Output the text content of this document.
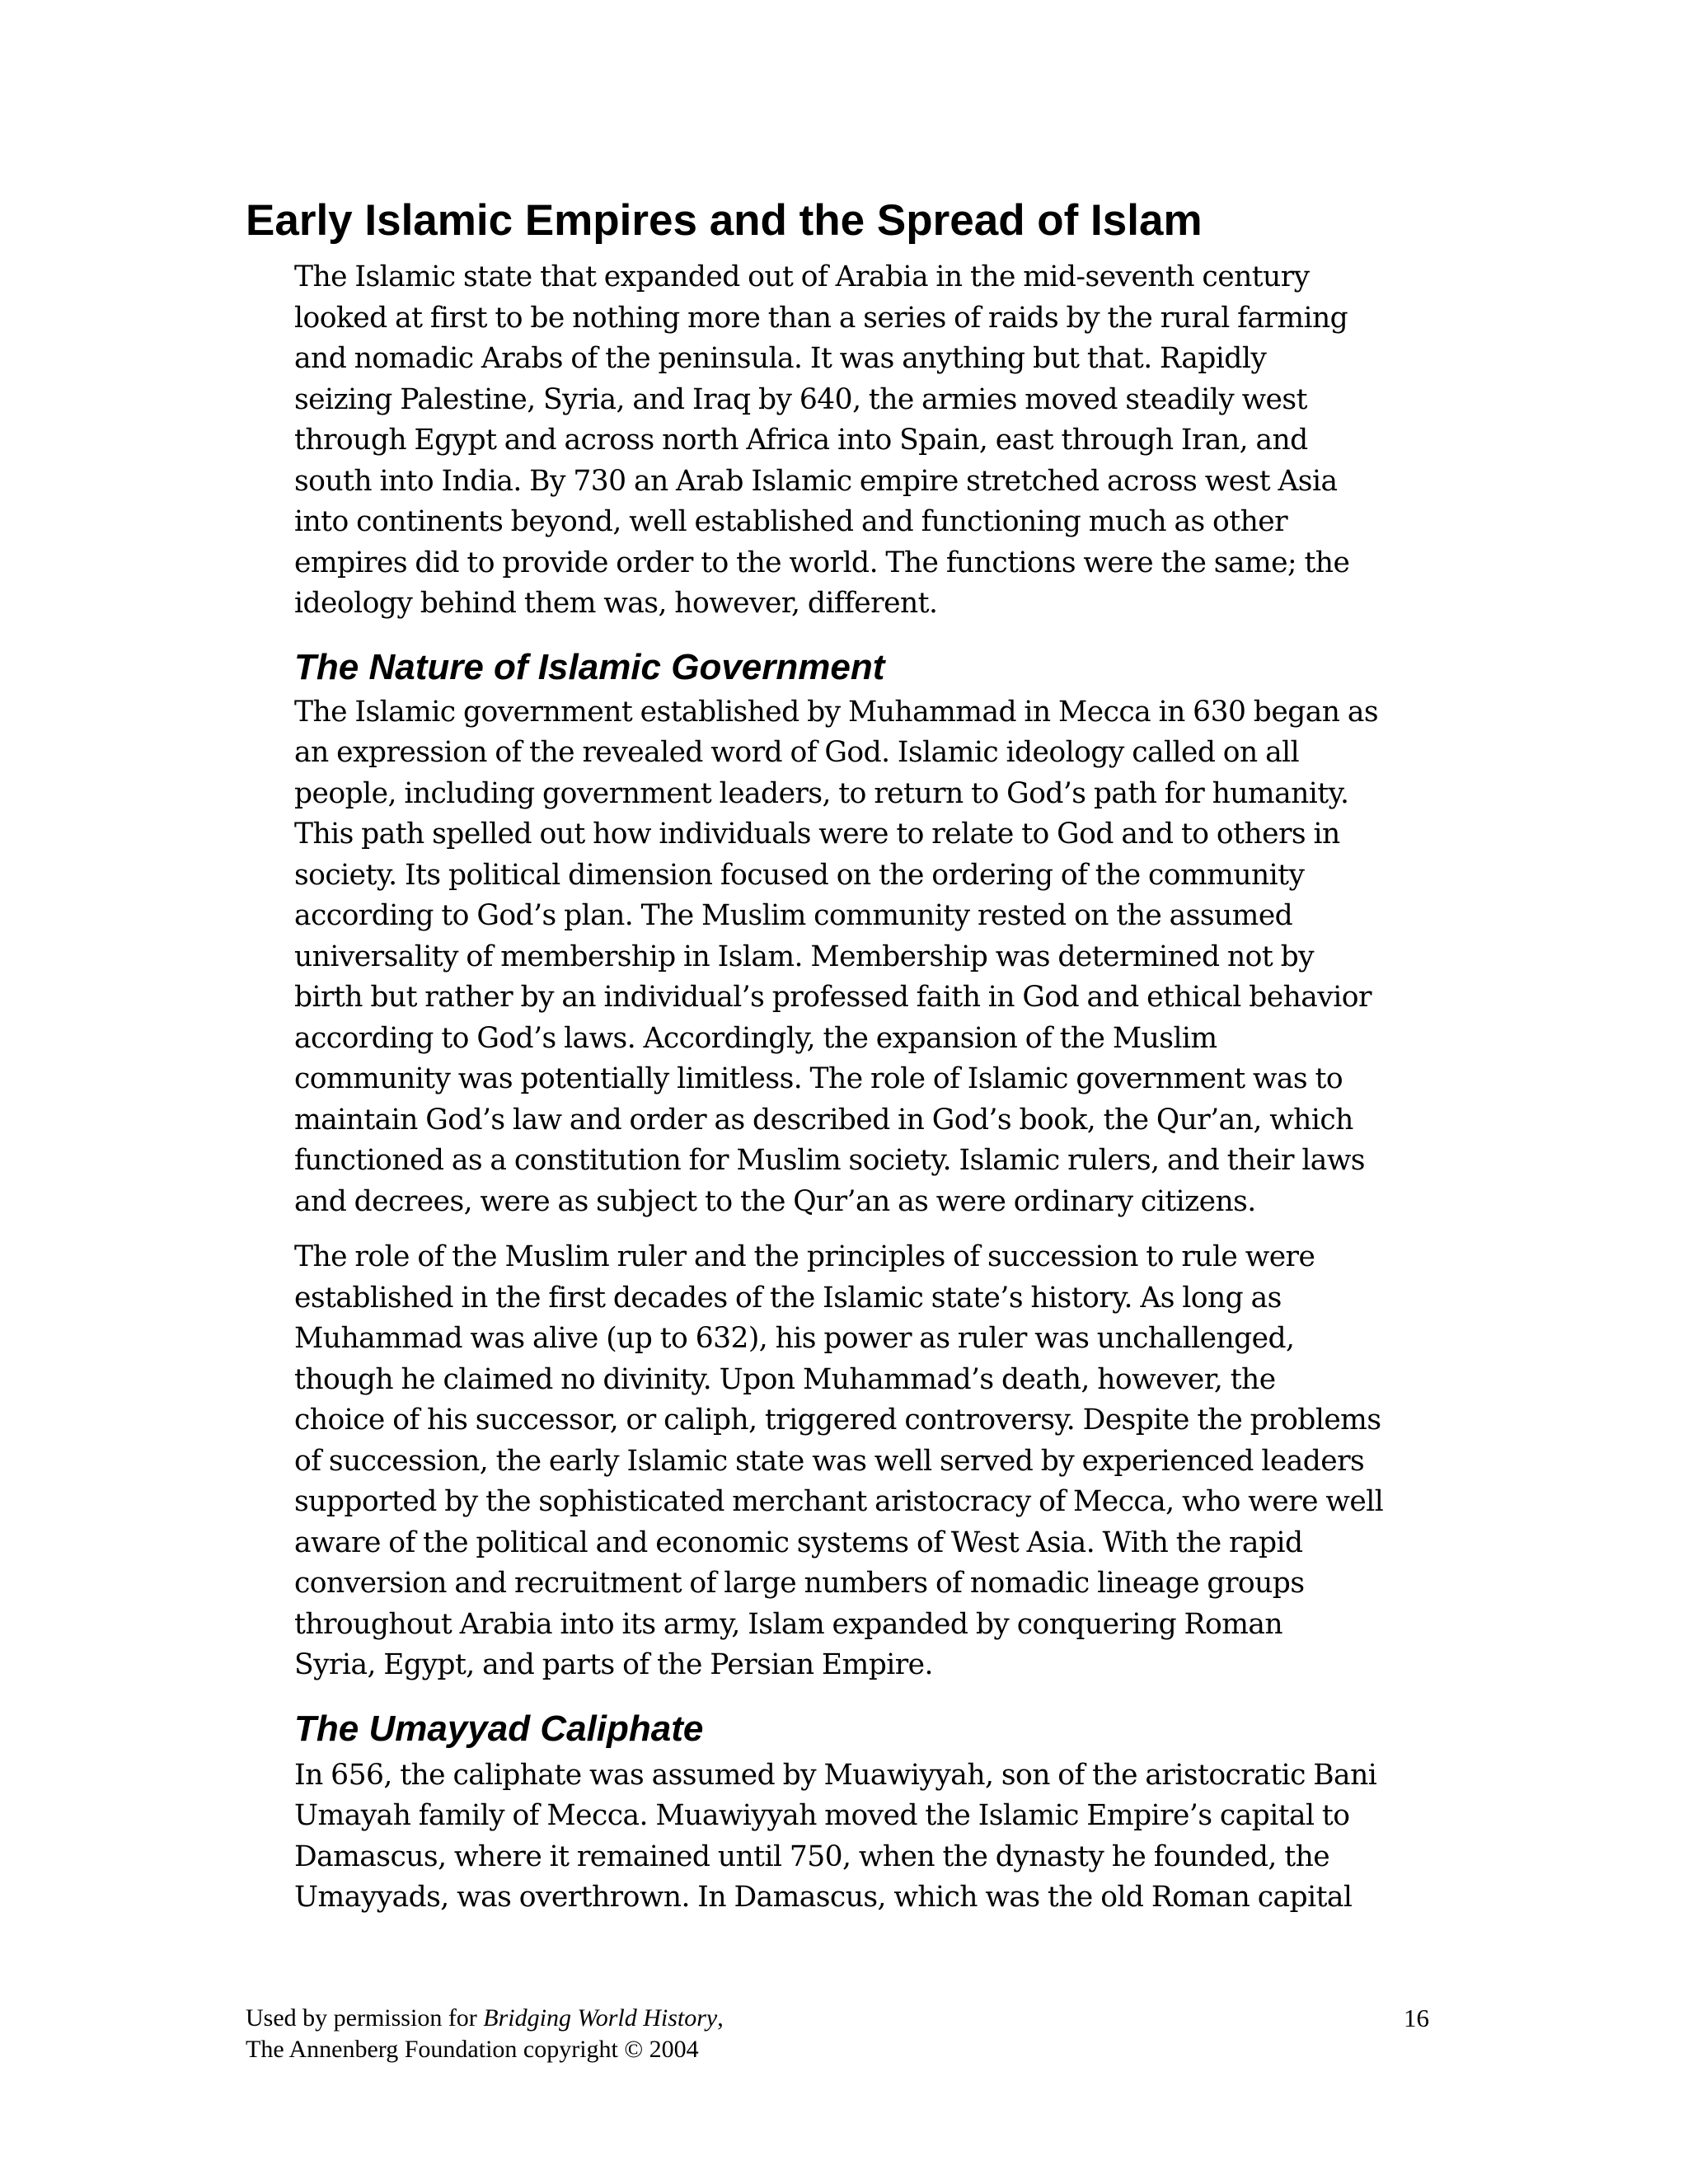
Early Islamic Empires and the Spread of Islam

The Islamic state that expanded out of Arabia in the mid-seventh century
looked at first to be nothing more than a series of raids by the rural farming
and nomadic Arabs of the peninsula. It was anything but that. Rapidly
seizing Palestine, Syria, and Iraq by 640, the armies moved steadily west
through Egypt and across north Africa into Spain, east through Iran, and
south into India. By 730 an Arab Islamic empire stretched across west Asia
into continents beyond, well established and functioning much as other
empires did to provide order to the world. The functions were the same; the
ideology behind them was, however, different.

The Nature of Islamic Government

The Islamic government established by Muhammad in Mecca in 630 began as
an expression of the revealed word of God. Islamic ideology called on all
people, including government leaders, to return to God’s path for humanity.
This path spelled out how individuals were to relate to God and to others in
society. Its political dimension focused on the ordering of the community
according to God’s plan. The Muslim community rested on the assumed
universality of membership in Islam. Membership was determined not by
birth but rather by an individual’s professed faith in God and ethical behavior
according to God’s laws. Accordingly, the expansion of the Muslim
community was potentially limitless. The role of Islamic government was to
maintain God’s law and order as described in God’s book, the Qur’an, which
functioned as a constitution for Muslim society. Islamic rulers, and their laws
and decrees, were as subject to the Qur’an as were ordinary citizens.

The role of the Muslim ruler and the principles of succession to rule were
established in the first decades of the Islamic state’s history. As long as
Muhammad was alive (up to 632), his power as ruler was unchallenged,
though he claimed no divinity. Upon Muhammad’s death, however, the
choice of his successor, or caliph, triggered controversy. Despite the problems
of succession, the early Islamic state was well served by experienced leaders
supported by the sophisticated merchant aristocracy of Mecca, who were well
aware of the political and economic systems of West Asia. With the rapid
conversion and recruitment of large numbers of nomadic lineage groups
throughout Arabia into its army, Islam expanded by conquering Roman
Syria, Egypt, and parts of the Persian Empire.

The Umayyad Caliphate

In 656, the caliphate was assumed by Muawiyyah, son of the aristocratic Bani
Umayah family of Mecca. Muawiyyah moved the Islamic Empire’s capital to
Damascus, where it remained until 750, when the dynasty he founded, the
Umayyads, was overthrown. In Damascus, which was the old Roman capital

Used by permission for Bridging World History,
The Annenberg Foundation copyright © 2004
16
